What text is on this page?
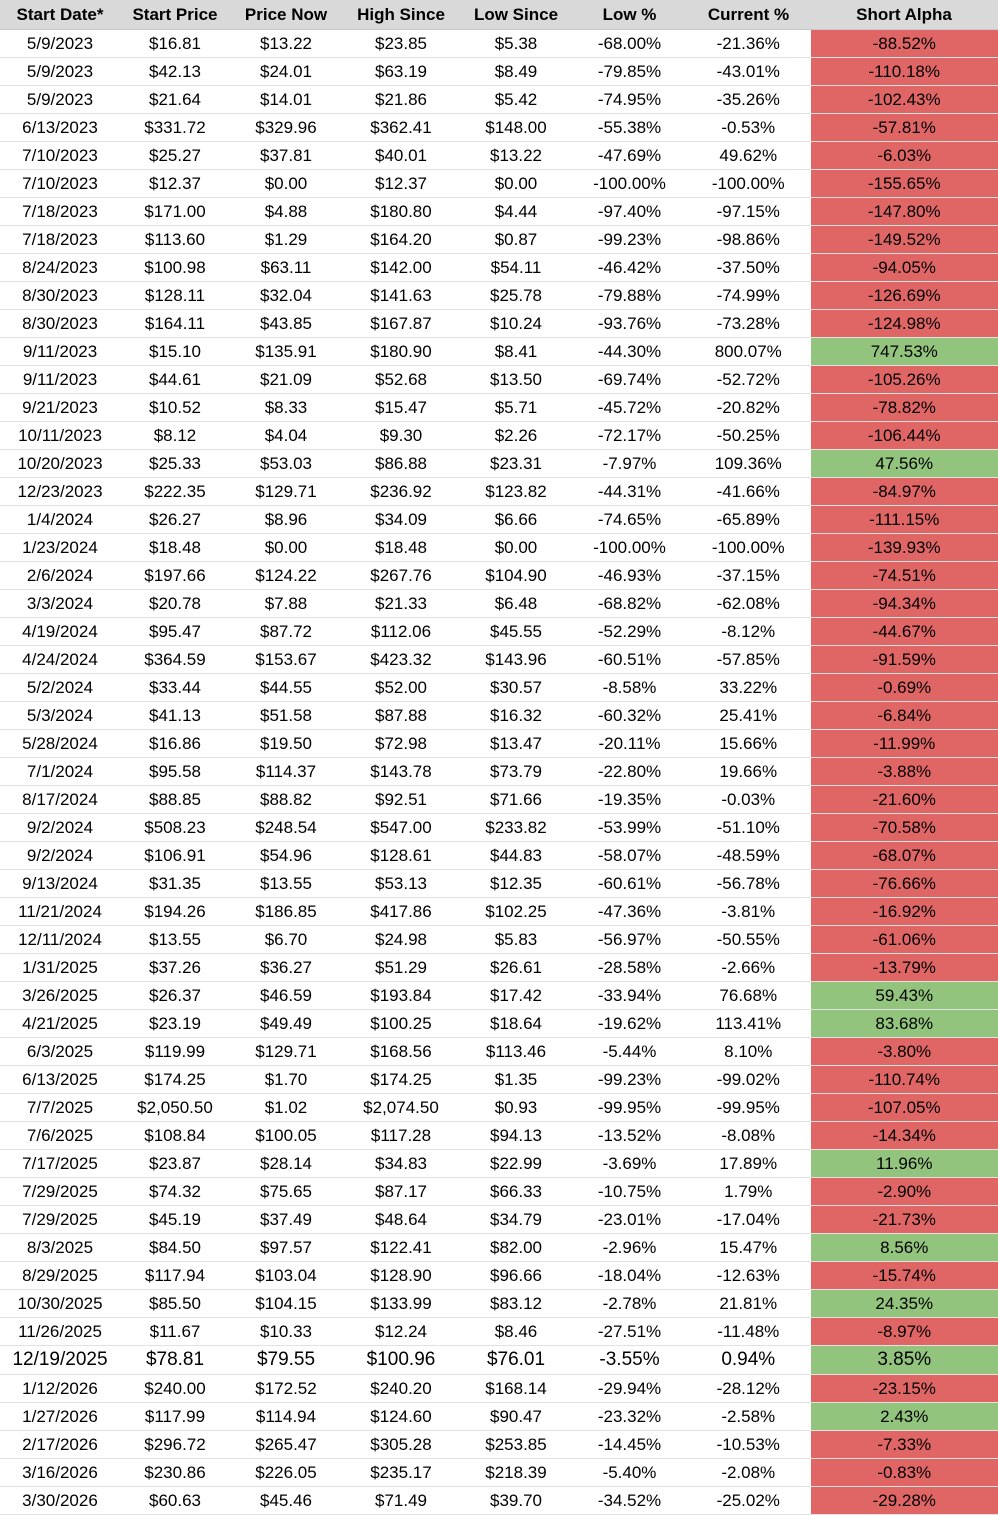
Start Date*	Start Price	Price Now	High Since	Low Since	Low %	Current %	Short Alpha
5/9/2023	$16.81	$13.22	$23.85	$5.38	-68.00%	-21.36%	-88.52%
5/9/2023	$42.13	$24.01	$63.19	$8.49	-79.85%	-43.01%	-110.18%
5/9/2023	$21.64	$14.01	$21.86	$5.42	-74.95%	-35.26%	-102.43%
6/13/2023	$331.72	$329.96	$362.41	$148.00	-55.38%	-0.53%	-57.81%
7/10/2023	$25.27	$37.81	$40.01	$13.22	-47.69%	49.62%	-6.03%
7/10/2023	$12.37	$0.00	$12.37	$0.00	-100.00%	-100.00%	-155.65%
7/18/2023	$171.00	$4.88	$180.80	$4.44	-97.40%	-97.15%	-147.80%
7/18/2023	$113.60	$1.29	$164.20	$0.87	-99.23%	-98.86%	-149.52%
8/24/2023	$100.98	$63.11	$142.00	$54.11	-46.42%	-37.50%	-94.05%
8/30/2023	$128.11	$32.04	$141.63	$25.78	-79.88%	-74.99%	-126.69%
8/30/2023	$164.11	$43.85	$167.87	$10.24	-93.76%	-73.28%	-124.98%
9/11/2023	$15.10	$135.91	$180.90	$8.41	-44.30%	800.07%	747.53%
9/11/2023	$44.61	$21.09	$52.68	$13.50	-69.74%	-52.72%	-105.26%
9/21/2023	$10.52	$8.33	$15.47	$5.71	-45.72%	-20.82%	-78.82%
10/11/2023	$8.12	$4.04	$9.30	$2.26	-72.17%	-50.25%	-106.44%
10/20/2023	$25.33	$53.03	$86.88	$23.31	-7.97%	109.36%	47.56%
12/23/2023	$222.35	$129.71	$236.92	$123.82	-44.31%	-41.66%	-84.97%
1/4/2024	$26.27	$8.96	$34.09	$6.66	-74.65%	-65.89%	-111.15%
1/23/2024	$18.48	$0.00	$18.48	$0.00	-100.00%	-100.00%	-139.93%
2/6/2024	$197.66	$124.22	$267.76	$104.90	-46.93%	-37.15%	-74.51%
3/3/2024	$20.78	$7.88	$21.33	$6.48	-68.82%	-62.08%	-94.34%
4/19/2024	$95.47	$87.72	$112.06	$45.55	-52.29%	-8.12%	-44.67%
4/24/2024	$364.59	$153.67	$423.32	$143.96	-60.51%	-57.85%	-91.59%
5/2/2024	$33.44	$44.55	$52.00	$30.57	-8.58%	33.22%	-0.69%
5/3/2024	$41.13	$51.58	$87.88	$16.32	-60.32%	25.41%	-6.84%
5/28/2024	$16.86	$19.50	$72.98	$13.47	-20.11%	15.66%	-11.99%
7/1/2024	$95.58	$114.37	$143.78	$73.79	-22.80%	19.66%	-3.88%
8/17/2024	$88.85	$88.82	$92.51	$71.66	-19.35%	-0.03%	-21.60%
9/2/2024	$508.23	$248.54	$547.00	$233.82	-53.99%	-51.10%	-70.58%
9/2/2024	$106.91	$54.96	$128.61	$44.83	-58.07%	-48.59%	-68.07%
9/13/2024	$31.35	$13.55	$53.13	$12.35	-60.61%	-56.78%	-76.66%
11/21/2024	$194.26	$186.85	$417.86	$102.25	-47.36%	-3.81%	-16.92%
12/11/2024	$13.55	$6.70	$24.98	$5.83	-56.97%	-50.55%	-61.06%
1/31/2025	$37.26	$36.27	$51.29	$26.61	-28.58%	-2.66%	-13.79%
3/26/2025	$26.37	$46.59	$193.84	$17.42	-33.94%	76.68%	59.43%
4/21/2025	$23.19	$49.49	$100.25	$18.64	-19.62%	113.41%	83.68%
6/3/2025	$119.99	$129.71	$168.56	$113.46	-5.44%	8.10%	-3.80%
6/13/2025	$174.25	$1.70	$174.25	$1.35	-99.23%	-99.02%	-110.74%
7/7/2025	$2,050.50	$1.02	$2,074.50	$0.93	-99.95%	-99.95%	-107.05%
7/6/2025	$108.84	$100.05	$117.28	$94.13	-13.52%	-8.08%	-14.34%
7/17/2025	$23.87	$28.14	$34.83	$22.99	-3.69%	17.89%	11.96%
7/29/2025	$74.32	$75.65	$87.17	$66.33	-10.75%	1.79%	-2.90%
7/29/2025	$45.19	$37.49	$48.64	$34.79	-23.01%	-17.04%	-21.73%
8/3/2025	$84.50	$97.57	$122.41	$82.00	-2.96%	15.47%	8.56%
8/29/2025	$117.94	$103.04	$128.90	$96.66	-18.04%	-12.63%	-15.74%
10/30/2025	$85.50	$104.15	$133.99	$83.12	-2.78%	21.81%	24.35%
11/26/2025	$11.67	$10.33	$12.24	$8.46	-27.51%	-11.48%	-8.97%
12/19/2025	$78.81	$79.55	$100.96	$76.01	-3.55%	0.94%	3.85%
1/12/2026	$240.00	$172.52	$240.20	$168.14	-29.94%	-28.12%	-23.15%
1/27/2026	$117.99	$114.94	$124.60	$90.47	-23.32%	-2.58%	2.43%
2/17/2026	$296.72	$265.47	$305.28	$253.85	-14.45%	-10.53%	-7.33%
3/16/2026	$230.86	$226.05	$235.17	$218.39	-5.40%	-2.08%	-0.83%
3/30/2026	$60.63	$45.46	$71.49	$39.70	-34.52%	-25.02%	-29.28%
